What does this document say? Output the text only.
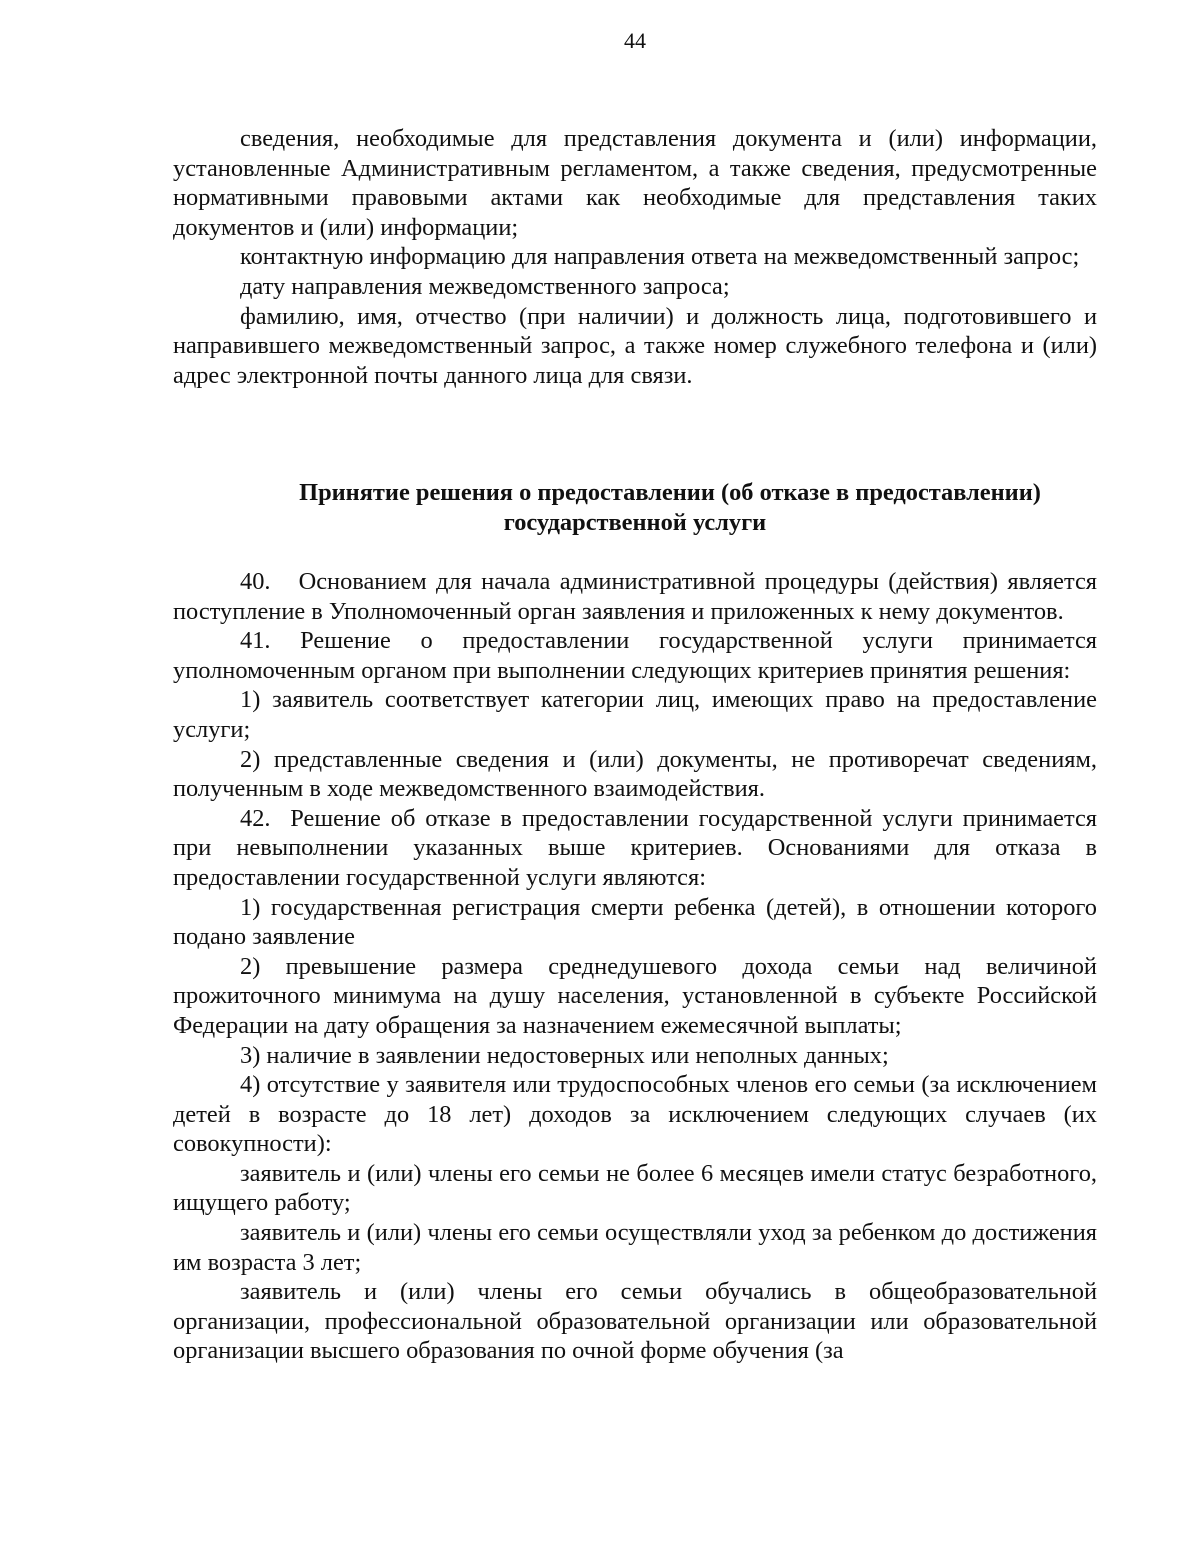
44

сведения, необходимые для представления документа и (или) информации, установленные Административным регламентом, а также сведения, предусмотренные нормативными правовыми актами как необходимые для представления таких документов и (или) информации;

контактную информацию для направления ответа на межведомственный запрос;

дату направления межведомственного запроса;

фамилию, имя, отчество (при наличии) и должность лица, подготовившего и направившего межведомственный запрос, а также номер служебного телефона и (или) адрес электронной почты данного лица для связи.

Принятие решения о предоставлении (об отказе в предоставлении)
государственной услуги

40.   Основанием для начала административной процедуры (действия) является поступление в Уполномоченный орган заявления и приложенных к нему документов.

41. Решение о предоставлении государственной услуги принимается уполномоченным органом при выполнении следующих критериев принятия решения:

1) заявитель соответствует категории лиц, имеющих право на предоставление услуги;

2) представленные сведения и (или) документы, не противоречат сведениям, полученным в ходе межведомственного взаимодействия.

42.  Решение об отказе в предоставлении государственной услуги принимается при невыполнении указанных выше критериев. Основаниями для отказа в предоставлении государственной услуги являются:

1) государственная регистрация смерти ребенка (детей), в отношении которого подано заявление

2) превышение размера среднедушевого дохода семьи над величиной прожиточного минимума на душу населения, установленной в субъекте Российской Федерации на дату обращения за назначением ежемесячной выплаты;

3) наличие в заявлении недостоверных или неполных данных;

4) отсутствие у заявителя или трудоспособных членов его семьи (за исключением детей в возрасте до 18 лет) доходов за исключением следующих случаев (их совокупности):

заявитель и (или) члены его семьи не более 6 месяцев имели статус безработного, ищущего работу;

заявитель и (или) члены его семьи осуществляли уход за ребенком до достижения им возраста 3 лет;

заявитель и (или) члены его семьи обучались в общеобразовательной организации, профессиональной образовательной организации или образовательной организации высшего образования по очной форме обучения (за
